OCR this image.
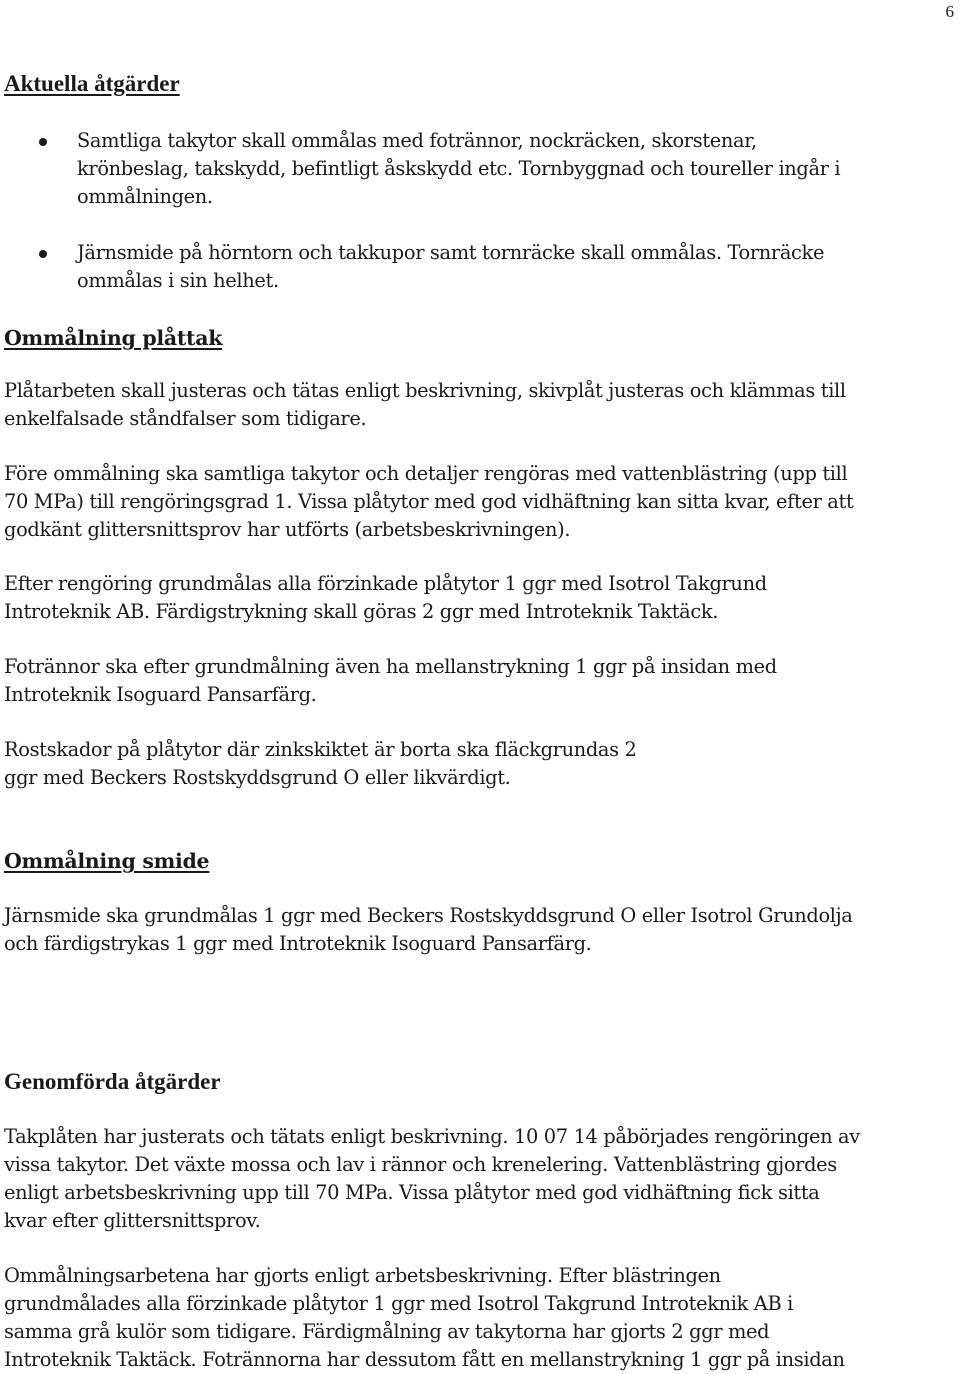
6
Aktuella åtgärder
Samtliga takytor skall ommålas med fotrännor, nockräcken, skorstenar,
krönbeslag, takskydd, befintligt åskskydd etc. Tornbyggnad och toureller ingår i
ommålningen.
Järnsmide på hörntorn och takkupor samt tornräcke skall ommålas. Tornräcke
ommålas i sin helhet.
Ommålning plåttak

Plåtarbeten skall justeras och tätas enligt beskrivning, skivplåt justeras och klämmas till
enkelfalsade ståndfalser som tidigare.

Före ommålning ska samtliga takytor och detaljer rengöras med vattenblästring (upp till
70 MPa) till rengöringsgrad 1. Vissa plåtytor med god vidhäftning kan sitta kvar, efter att
godkänt glittersnittsprov har utförts (arbetsbeskrivningen).

Efter rengöring grundmålas alla förzinkade plåtytor 1 ggr med Isotrol Takgrund
Introteknik AB. Färdigstrykning skall göras 2 ggr med Introteknik Taktäck.

Fotrännor ska efter grundmålning även ha mellanstrykning 1 ggr på insidan med
Introteknik Isoguard Pansarfärg.

Rostskador på plåtytor där zinkskiktet är borta ska fläckgrundas 2
ggr med Beckers Rostskyddsgrund O eller likvärdigt.

Ommålning smide

Järnsmide ska grundmålas 1 ggr med Beckers Rostskyddsgrund O eller Isotrol Grundolja
och färdigstrykas 1 ggr med Introteknik Isoguard Pansarfärg.

Genomförda åtgärder

Takplåten har justerats och tätats enligt beskrivning. 10 07 14 påbörjades rengöringen av
vissa takytor. Det växte mossa och lav i rännor och krenelering. Vattenblästring gjordes
enligt arbetsbeskrivning upp till 70 MPa. Vissa plåtytor med god vidhäftning fick sitta
kvar efter glittersnittsprov.

Ommålningsarbetena har gjorts enligt arbetsbeskrivning. Efter blästringen
grundmålades alla förzinkade plåtytor 1 ggr med Isotrol Takgrund Introteknik AB i
samma grå kulör som tidigare. Färdigmålning av takytorna har gjorts 2 ggr med
Introteknik Taktäck. Fotrännorna har dessutom fått en mellanstrykning 1 ggr på insidan
